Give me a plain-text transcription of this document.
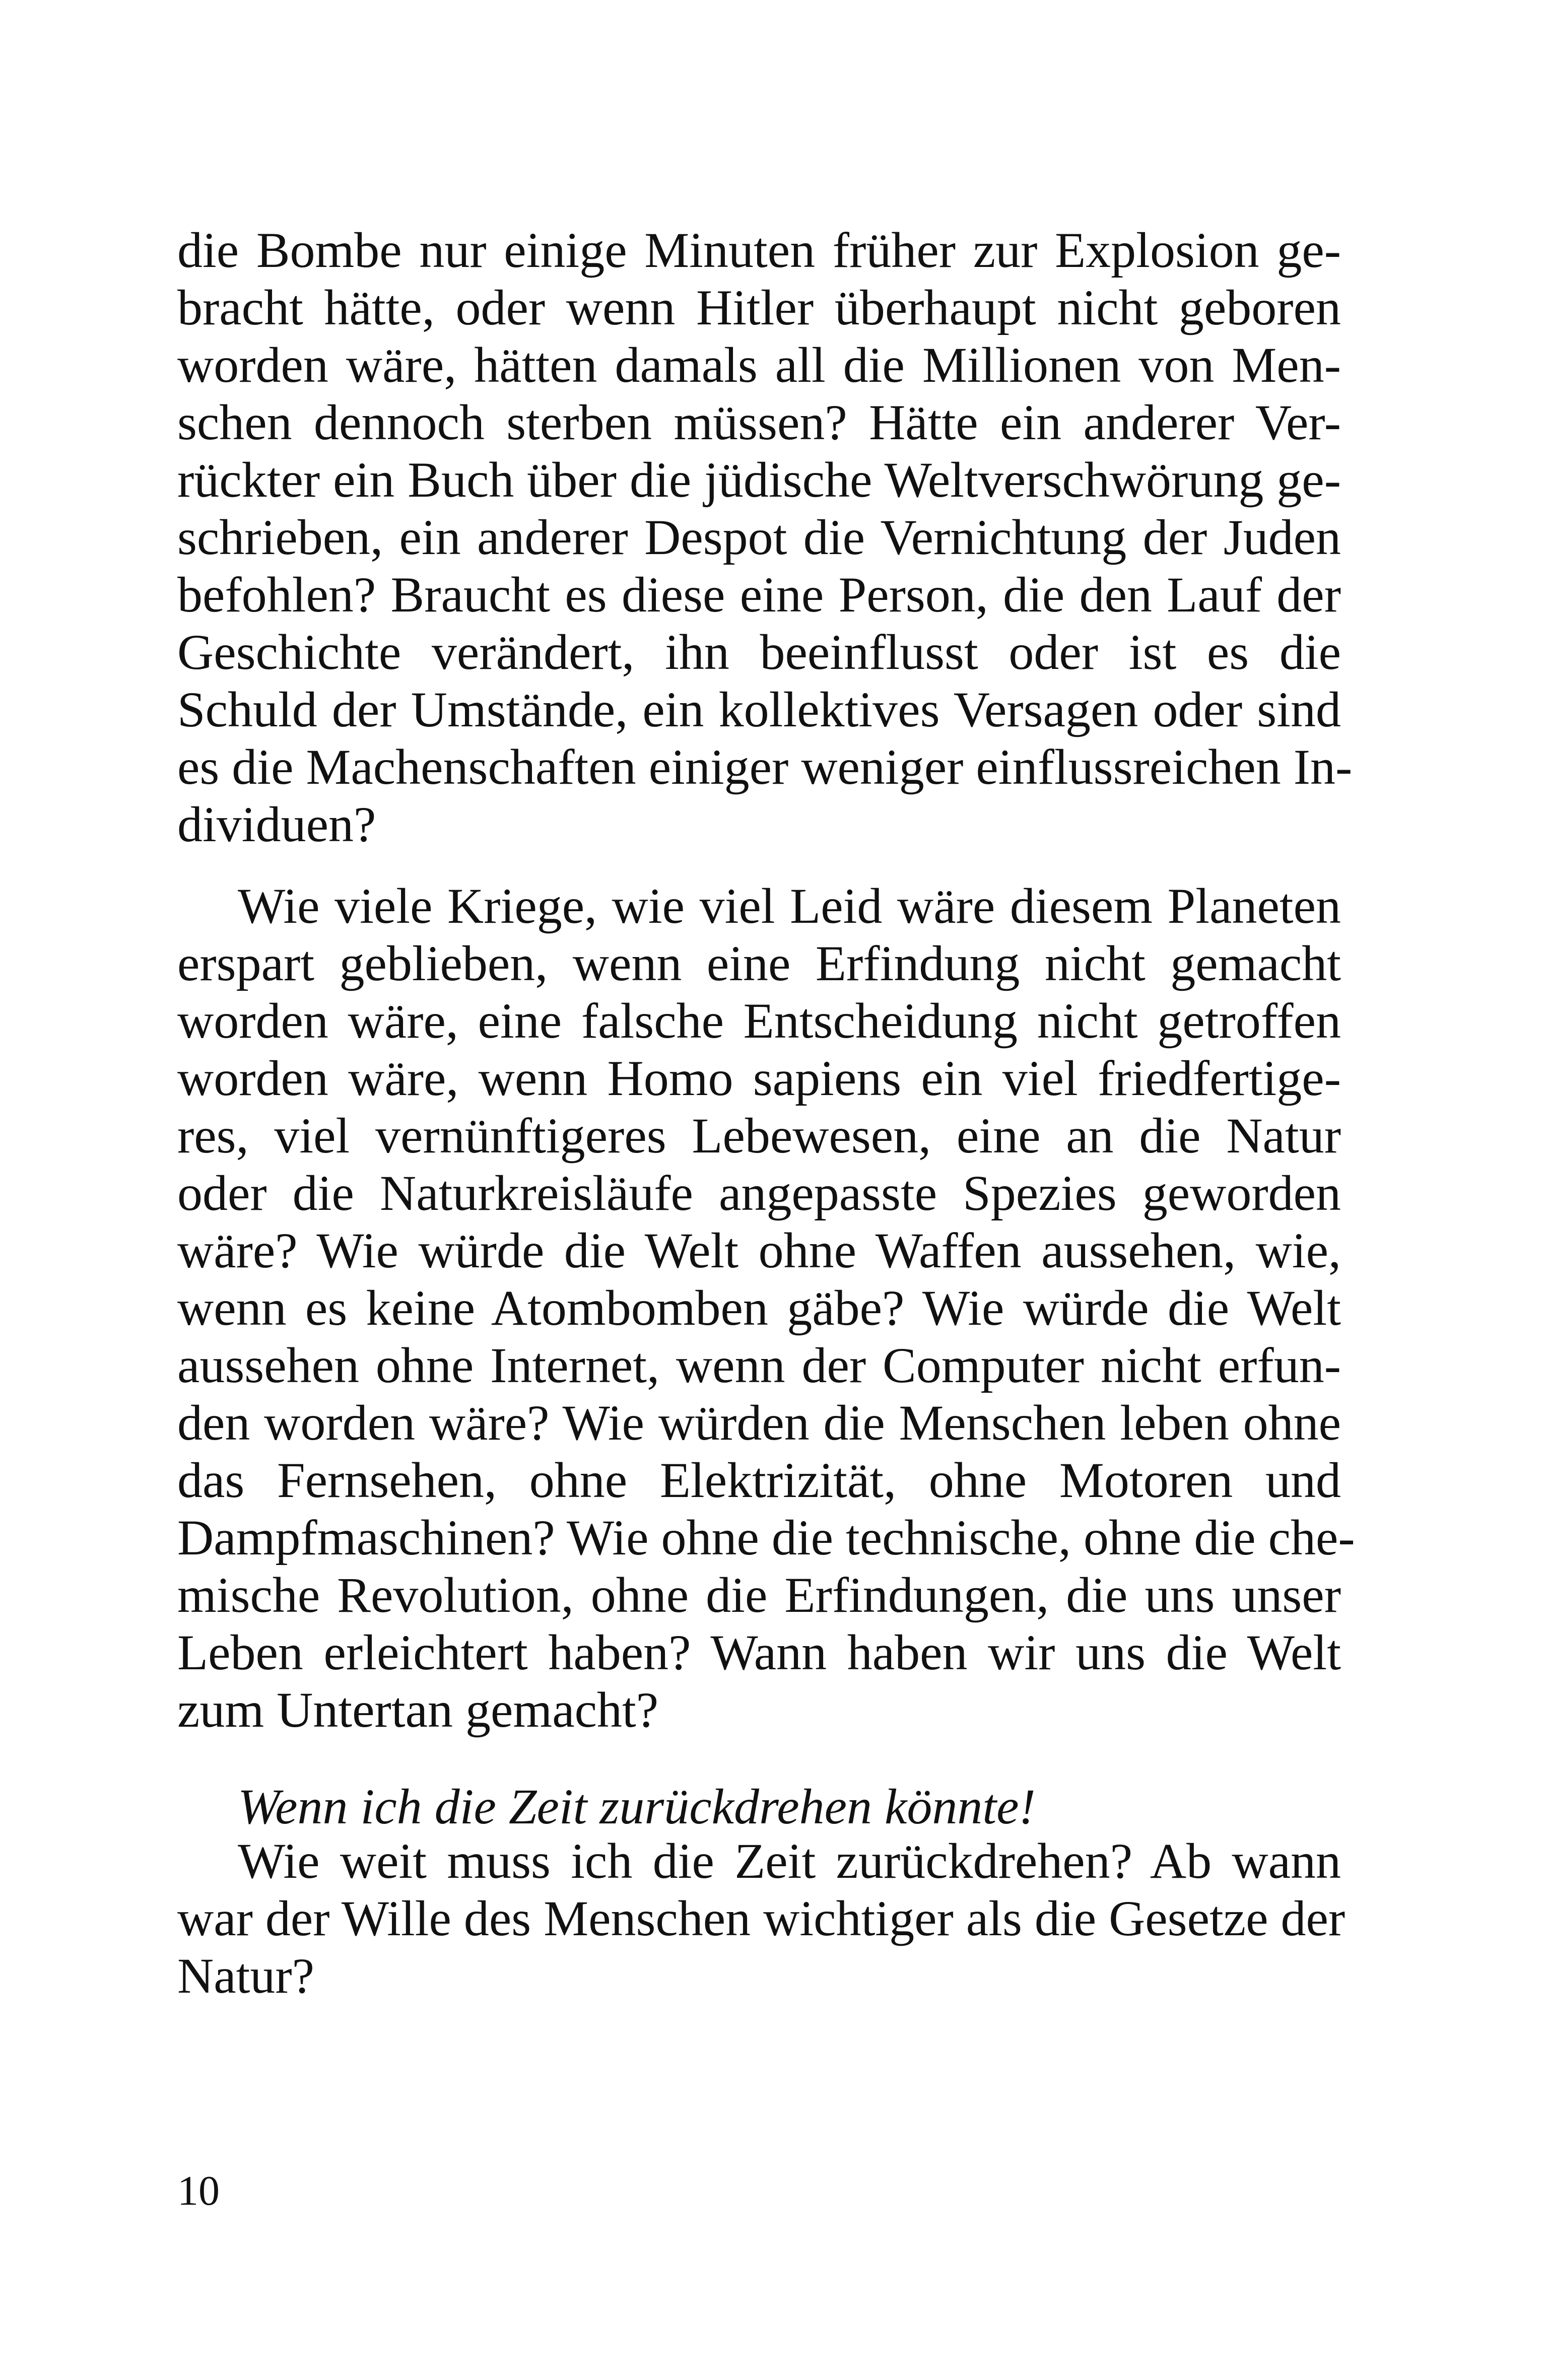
die Bombe nur einige Minuten früher zur Explosion ge-
bracht hätte, oder wenn Hitler überhaupt nicht geboren
worden wäre, hätten damals all die Millionen von Men-
schen dennoch sterben müssen? Hätte ein anderer Ver-
rückter ein Buch über die jüdische Weltverschwörung ge-
schrieben, ein anderer Despot die Vernichtung der Juden
befohlen? Braucht es diese eine Person, die den Lauf der
Geschichte verändert, ihn beeinflusst oder ist es die
Schuld der Umstände, ein kollektives Versagen oder sind
es die Machenschaften einiger weniger einflussreichen In-
dividuen?
Wie viele Kriege, wie viel Leid wäre diesem Planeten
erspart geblieben, wenn eine Erfindung nicht gemacht
worden wäre, eine falsche Entscheidung nicht getroffen
worden wäre, wenn Homo sapiens ein viel friedfertige-
res, viel vernünftigeres Lebewesen, eine an die Natur
oder die Naturkreisläufe angepasste Spezies geworden
wäre? Wie würde die Welt ohne Waffen aussehen, wie,
wenn es keine Atombomben gäbe? Wie würde die Welt
aussehen ohne Internet, wenn der Computer nicht erfun-
den worden wäre? Wie würden die Menschen leben ohne
das Fernsehen, ohne Elektrizität, ohne Motoren und
Dampfmaschinen? Wie ohne die technische, ohne die che-
mische Revolution, ohne die Erfindungen, die uns unser
Leben erleichtert haben? Wann haben wir uns die Welt
zum Untertan gemacht?
Wenn ich die Zeit zurückdrehen könnte!
Wie weit muss ich die Zeit zurückdrehen? Ab wann
war der Wille des Menschen wichtiger als die Gesetze der
Natur?
10
